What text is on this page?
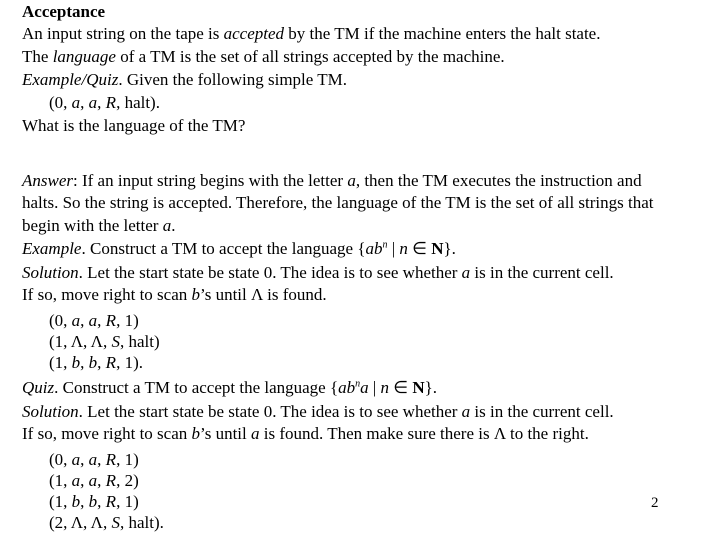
Acceptance
An input string on the tape is accepted by the TM if the machine enters the halt state.
The language of a TM is the set of all strings accepted by the machine.
Example/Quiz. Given the following simple TM.
(0, a, a, R, halt).
What is the language of the TM?
Answer: If an input string begins with the letter a, then the TM executes the instruction and
halts. So the string is accepted. Therefore, the language of the TM is the set of all strings that
begin with the letter a.
Example. Construct a TM to accept the language {$ab^n$ | n ∈ N}.
Solution. Let the start state be state 0. The idea is to see whether a is in the current cell.
If so, move right to scan b’s until Λ is found.
(0, a, a, R, 1)
(1, Λ, Λ, S, halt)
(1, b, b, R, 1).
Quiz. Construct a TM to accept the language {$ab^na$ | n ∈ N}.
Solution. Let the start state be state 0. The idea is to see whether a is in the current cell.
If so, move right to scan b’s until a is found. Then make sure there is Λ to the right.
(0, a, a, R, 1)
(1, a, a, R, 2)
(1, b, b, R, 1)
(2, Λ, Λ, S, halt).
2
